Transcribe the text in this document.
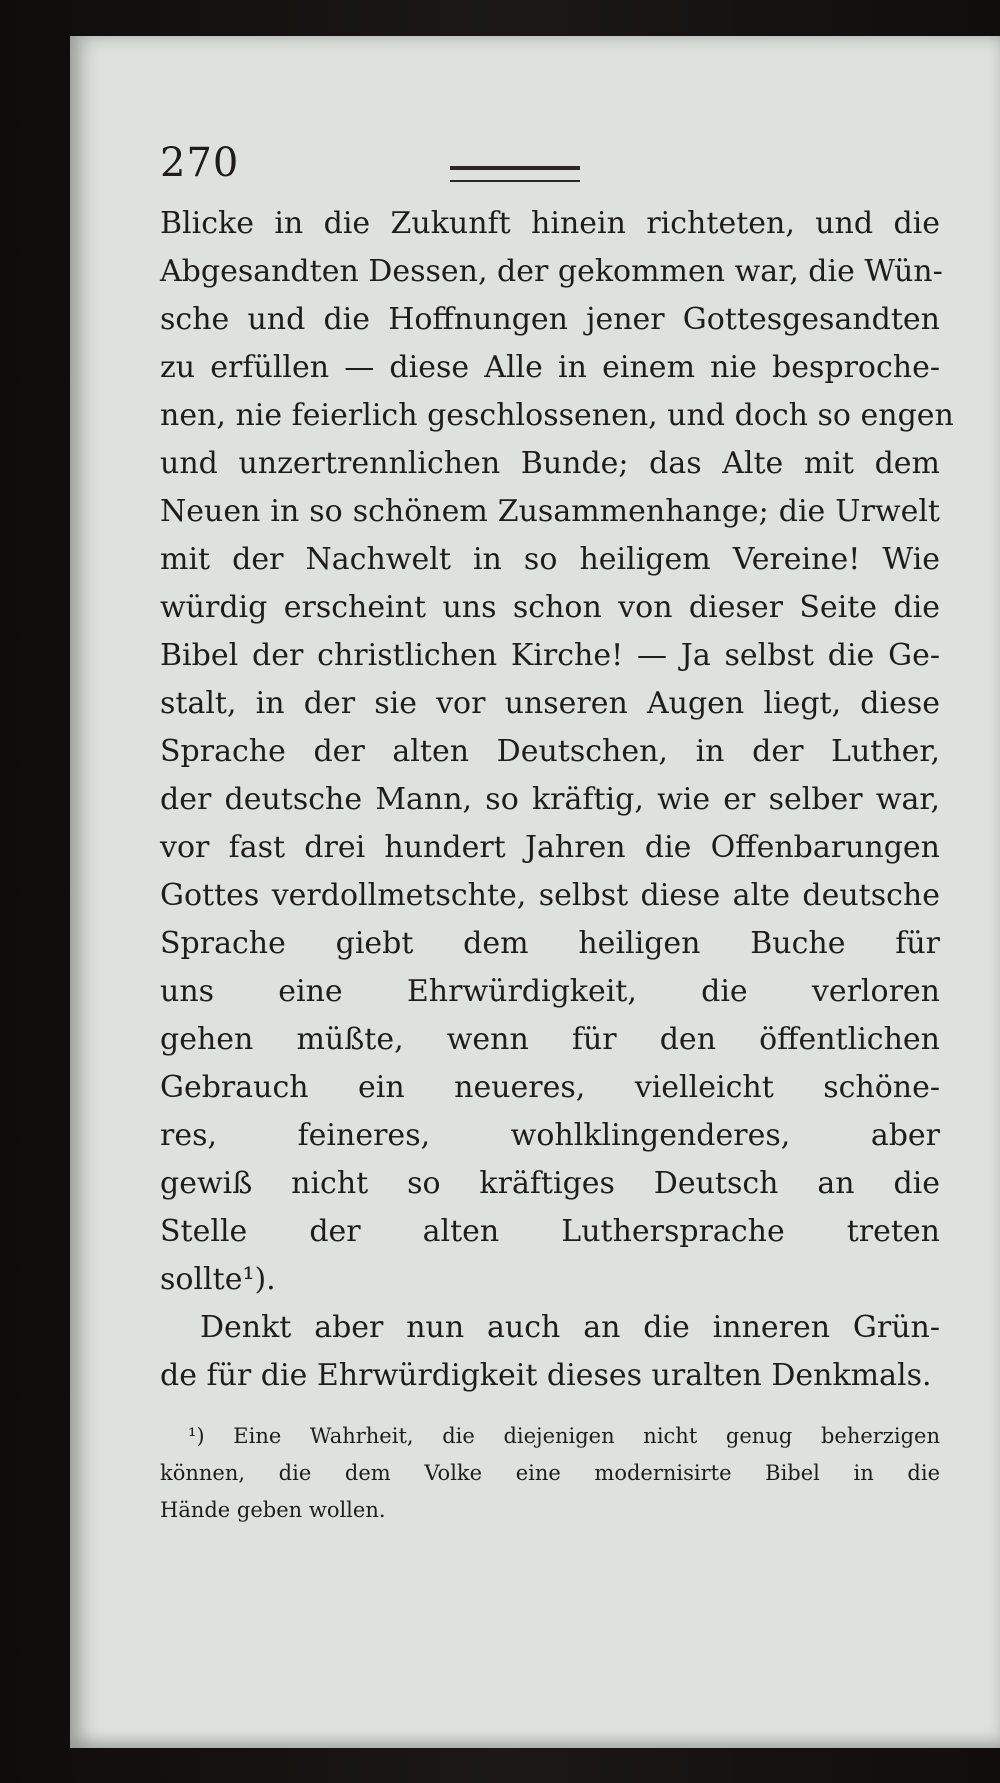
270
Blicke in die Zukunft hinein richteten, und die
Abgesandten Dessen, der gekommen war, die Wün-
sche und die Hoffnungen jener Gottesgesandten
zu erfüllen — diese Alle in einem nie besproche-
nen, nie feierlich geschlossenen, und doch so engen
und unzertrennlichen Bunde; das Alte mit dem
Neuen in so schönem Zusammenhange; die Urwelt
mit der Nachwelt in so heiligem Vereine! Wie
würdig erscheint uns schon von dieser Seite die
Bibel der christlichen Kirche! — Ja selbst die Ge-
stalt, in der sie vor unseren Augen liegt, diese
Sprache der alten Deutschen, in der Luther,
der deutsche Mann, so kräftig, wie er selber war,
vor fast drei hundert Jahren die Offenbarungen
Gottes verdollmetschte, selbst diese alte deutsche
Sprache giebt dem heiligen Buche für
uns eine Ehrwürdigkeit, die verloren
gehen müßte, wenn für den öffentlichen
Gebrauch ein neueres, vielleicht schöne-
res, feineres, wohlklingenderes, aber
gewiß nicht so kräftiges Deutsch an die
Stelle der alten Luthersprache treten
sollte¹).
Denkt aber nun auch an die inneren Grün-
de für die Ehrwürdigkeit dieses uralten Denkmals.
¹) Eine Wahrheit, die diejenigen nicht genug beherzigen
können, die dem Volke eine modernisirte Bibel in die
Hände geben wollen.
